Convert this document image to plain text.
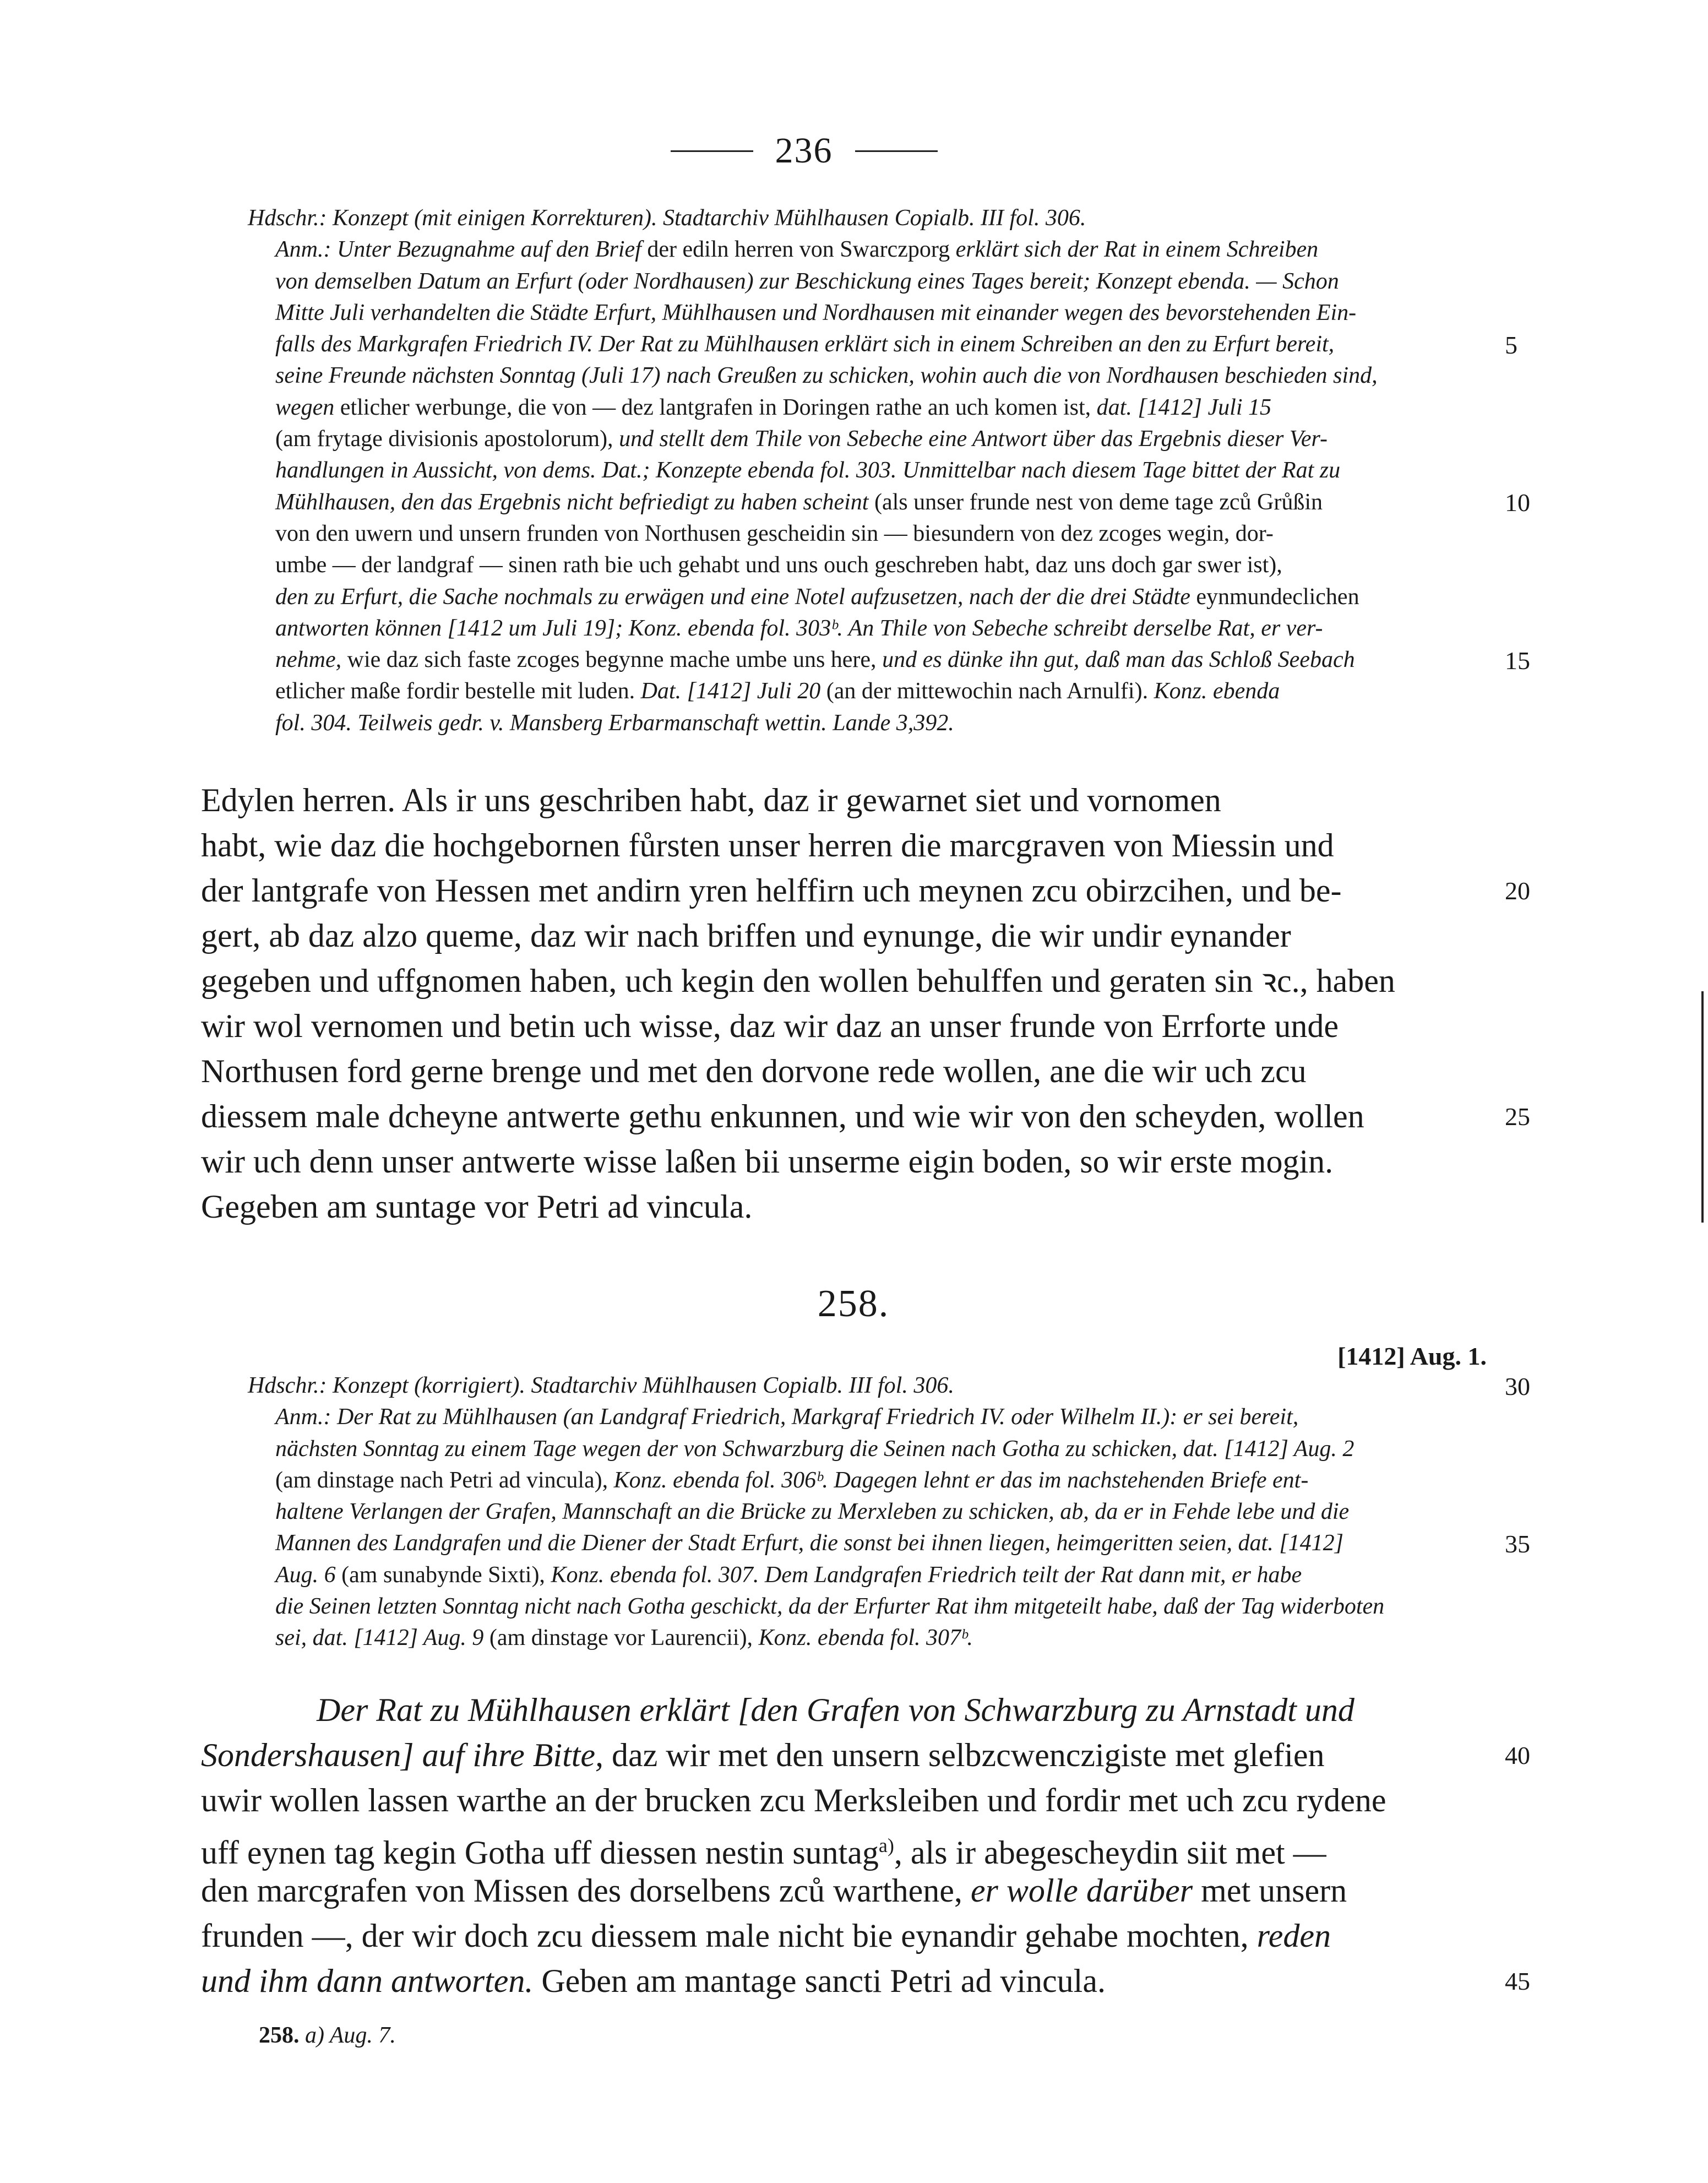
236
Hdschr.: Konzept (mit einigen Korrekturen). Stadtarchiv Mühlhausen Copialb. III fol. 306.
Anm.: Unter Bezugnahme auf den Brief der ediln herren von Swarczporg erklärt sich der Rat in einem Schreiben
von demselben Datum an Erfurt (oder Nordhausen) zur Beschickung eines Tages bereit; Konzept ebenda. — Schon
Mitte Juli verhandelten die Städte Erfurt, Mühlhausen und Nordhausen mit einander wegen des bevorstehenden Ein-
falls des Markgrafen Friedrich IV. Der Rat zu Mühlhausen erklärt sich in einem Schreiben an den zu Erfurt bereit,
seine Freunde nächsten Sonntag (Juli 17) nach Greußen zu schicken, wohin auch die von Nordhausen beschieden sind,
wegen etlicher werbunge, die von — dez lantgrafen in Doringen rathe an uch komen ist, dat. [1412] Juli 15
(am frytage divisionis apostolorum), und stellt dem Thile von Sebeche eine Antwort über das Ergebnis dieser Ver-
handlungen in Aussicht, von dems. Dat.; Konzepte ebenda fol. 303. Unmittelbar nach diesem Tage bittet der Rat zu
Mühlhausen, den das Ergebnis nicht befriedigt zu haben scheint (als unser frunde nest von deme tage zců Grůßin
von den uwern und unsern frunden von Northusen gescheidin sin — biesundern von dez zcoges wegin, dor-
umbe — der landgraf — sinen rath bie uch gehabt und uns ouch geschreben habt, daz uns doch gar swer ist),
den zu Erfurt, die Sache nochmals zu erwägen und eine Notel aufzusetzen, nach der die drei Städte eynmundeclichen
antworten können [1412 um Juli 19]; Konz. ebenda fol. 303ᵇ. An Thile von Sebeche schreibt derselbe Rat, er ver-
nehme, wie daz sich faste zcoges begynne mache umbe uns here, und es dünke ihn gut, daß man das Schloß Seebach
etlicher maße fordir bestelle mit luden. Dat. [1412] Juli 20 (an der mittewochin nach Arnulfi). Konz. ebenda
fol. 304. Teilweis gedr. v. Mansberg Erbarmanschaft wettin. Lande 3,392.
Edylen herren. Als ir uns geschriben habt, daz ir gewarnet siet und vornomen
habt, wie daz die hochgebornen fůrsten unser herren die marcgraven von Miessin und
der lantgrafe von Hessen met andirn yren helffirn uch meynen zcu obirzcihen, und be-
gert, ab daz alzo queme, daz wir nach briffen und eynunge, die wir undir eynander
gegeben und uffgnomen haben, uch kegin den wollen behulffen und geraten sin ꝛc., haben
wir wol vernomen und betin uch wisse, daz wir daz an unser frunde von Errforte unde
Northusen ford gerne brenge und met den dorvone rede wollen, ane die wir uch zcu
diessem male dcheyne antwerte gethu enkunnen, und wie wir von den scheyden, wollen
wir uch denn unser antwerte wisse laßen bii unserme eigin boden, so wir erste mogin.
Gegeben am suntage vor Petri ad vincula.
258.
[1412] Aug. 1.
Hdschr.: Konzept (korrigiert). Stadtarchiv Mühlhausen Copialb. III fol. 306.
Anm.: Der Rat zu Mühlhausen (an Landgraf Friedrich, Markgraf Friedrich IV. oder Wilhelm II.): er sei bereit,
nächsten Sonntag zu einem Tage wegen der von Schwarzburg die Seinen nach Gotha zu schicken, dat. [1412] Aug. 2
(am dinstage nach Petri ad vincula), Konz. ebenda fol. 306ᵇ. Dagegen lehnt er das im nachstehenden Briefe ent-
haltene Verlangen der Grafen, Mannschaft an die Brücke zu Merxleben zu schicken, ab, da er in Fehde lebe und die
Mannen des Landgrafen und die Diener der Stadt Erfurt, die sonst bei ihnen liegen, heimgeritten seien, dat. [1412]
Aug. 6 (am sunabynde Sixti), Konz. ebenda fol. 307. Dem Landgrafen Friedrich teilt der Rat dann mit, er habe
die Seinen letzten Sonntag nicht nach Gotha geschickt, da der Erfurter Rat ihm mitgeteilt habe, daß der Tag widerboten
sei, dat. [1412] Aug. 9 (am dinstage vor Laurencii), Konz. ebenda fol. 307ᵇ.
Der Rat zu Mühlhausen erklärt [den Grafen von Schwarzburg zu Arnstadt und
Sondershausen] auf ihre Bitte, daz wir met den unsern selbzcwenczigiste met glefien
uwir wollen lassen warthe an der brucken zcu Merksleiben und fordir met uch zcu rydene
uff eynen tag kegin Gotha uff diessen nestin suntag$^{a)}$, als ir abegescheydin siit met —
den marcgrafen von Missen des dorselbens zců warthene, er wolle darüber met unsern
frunden —, der wir doch zcu diessem male nicht bie eynandir gehabe mochten, reden
und ihm dann antworten. Geben am mantage sancti Petri ad vincula.
258. a) Aug. 7.
5
10
15
20
25
30
35
40
45
